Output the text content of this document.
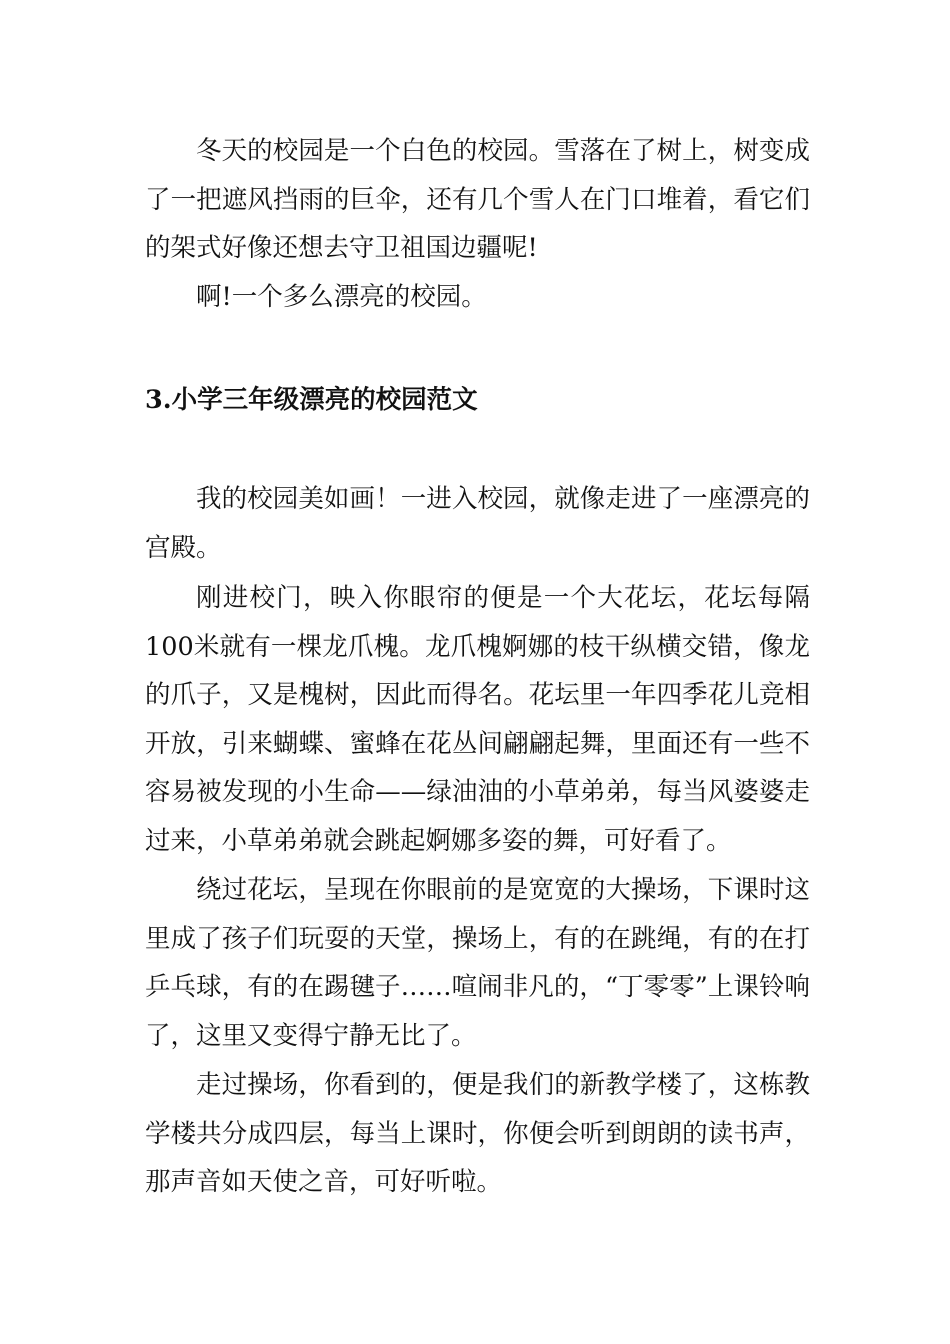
冬天的校园是一个白色的校园。雪落在了树上，树变成了一把遮风挡雨的巨伞，还有几个雪人在门口堆着，看它们的架式好像还想去守卫祖国边疆呢!

啊!一个多么漂亮的校园。

3.小学三年级漂亮的校园范文

我的校园美如画！一进入校园，就像走进了一座漂亮的宫殿。

刚进校门，映入你眼帘的便是一个大花坛，花坛每隔100米就有一棵龙爪槐。龙爪槐婀娜的枝干纵横交错，像龙的爪子，又是槐树，因此而得名。花坛里一年四季花儿竞相开放，引来蝴蝶、蜜蜂在花丛间翩翩起舞，里面还有一些不容易被发现的小生命——绿油油的小草弟弟，每当风婆婆走过来，小草弟弟就会跳起婀娜多姿的舞，可好看了。

绕过花坛，呈现在你眼前的是宽宽的大操场，下课时这里成了孩子们玩耍的天堂，操场上，有的在跳绳，有的在打乒乓球，有的在踢毽子……喧闹非凡的，“丁零零”上课铃响了，这里又变得宁静无比了。

走过操场，你看到的，便是我们的新教学楼了，这栋教学楼共分成四层，每当上课时，你便会听到朗朗的读书声，那声音如天使之音，可好听啦。
